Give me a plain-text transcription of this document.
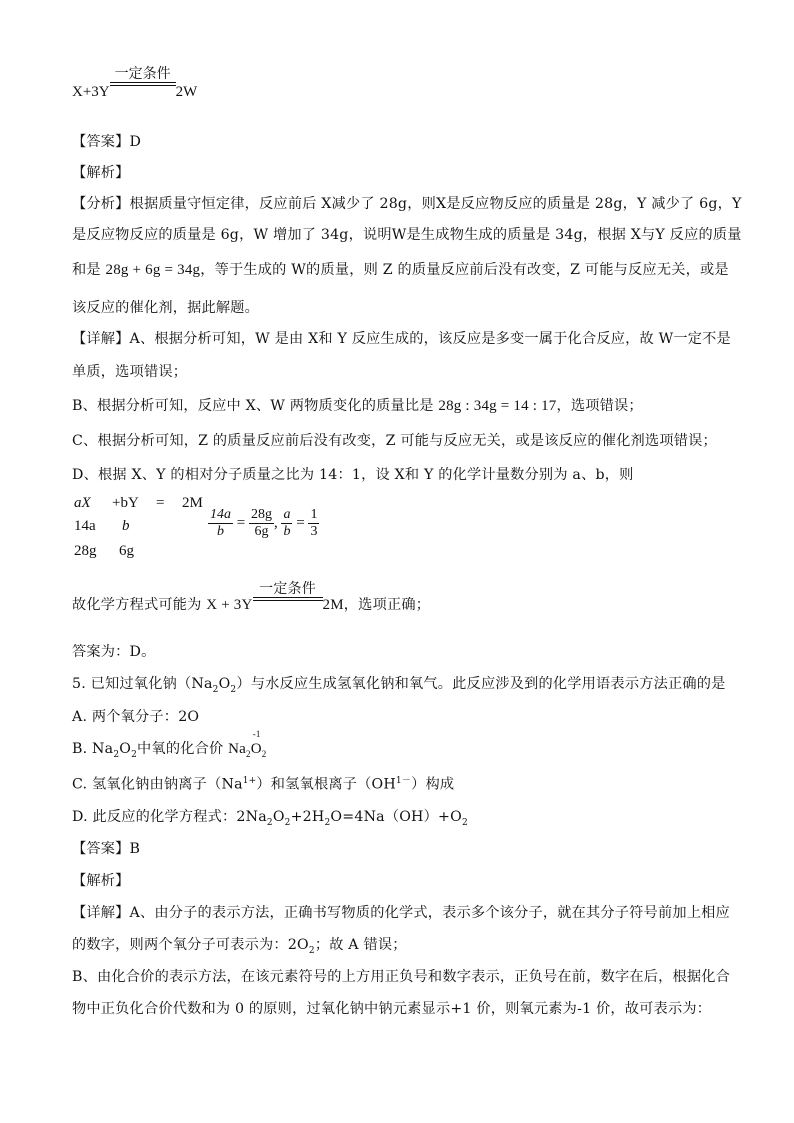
X+3Y
一定条件
2W
【答案】D
【解析】
【分析】根据质量守恒定律，反应前后 X减少了 28g，则X是反应物反应的质量是 28g，Y 减少了 6g，Y
是反应物反应的质量是 6g，W 增加了 34g，说明W是生成物生成的质量是 34g，根据 X与Y 反应的质量
和是 28g + 6g = 34g，等于生成的 W的质量，则 Z 的质量反应前后没有改变，Z 可能与反应无关，或是
该反应的催化剂，据此解题。
【详解】A、根据分析可知，W 是由 X和 Y 反应生成的，该反应是多变一属于化合反应，故 W一定不是
单质，选项错误；
B、根据分析可知，反应中 X、W 两物质变化的质量比是 28g : 34g = 14 : 17，选项错误；
C、根据分析可知，Z 的质量反应前后没有改变，Z 可能与反应无关，或是该反应的催化剂选项错误；
D、根据 X、Y 的相对分子质量之比为 14：1，设 X和 Y 的化学计量数分别为 a、b，则
aX +bY = 2M
14a b
28g 6g
$\frac{14a}{b} = \frac{28g}{6g}$ , $\frac{a}{b} = \frac{1}{3}$
故化学方程式可能为 X + 3Y
一定条件
2M，选项正确；
答案为：D。
5. 已知过氧化钠$(Na_2O_2)$与水反应生成氢氧化钠和氧气。此反应涉及到的化学用语表示方法正确的是
A. 两个氧分子：2O
B. $Na_2O_2$中氧的化合价 $Na_2O$
-1
$_2$
C. 氢氧化钠由钠离子$(Na^{1+})$和氢氧根离子$(OH^{1-})$构成
D. 此反应的化学方程式：$2Na_2O_2+2H_2O=4Na(OH)+O_2$
【答案】B
【解析】
【详解】A、由分子的表示方法，正确书写物质的化学式，表示多个该分子，就在其分子符号前加上相应
的数字，则两个氧分子可表示为：$2O_2$；故 A 错误；
B、由化合价的表示方法，在该元素符号的上方用正负号和数字表示，正负号在前，数字在后，根据化合
物中正负化合价代数和为 0 的原则，过氧化钠中钠元素显示+1 价，则氧元素为-1 价，故可表示为：
